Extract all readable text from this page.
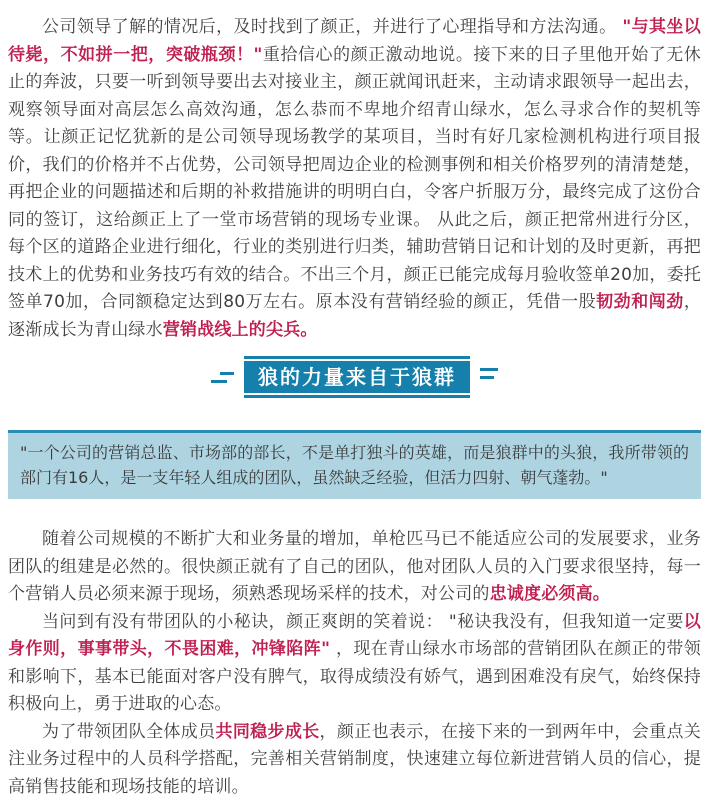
公司领导了解的情况后，及时找到了颜正，并进行了心理指导和方法沟通。 "与其坐以待毙，不如拼一把，突破瓶颈！"重拾信心的颜正激动地说。接下来的日子里他开始了无休止的奔波，只要一听到领导要出去对接业主，颜正就闻讯赶来，主动请求跟领导一起出去，观察领导面对高层怎么高效沟通，怎么恭而不卑地介绍青山绿水，怎么寻求合作的契机等等。让颜正记忆犹新的是公司领导现场教学的某项目，当时有好几家检测机构进行项目报价，我们的价格并不占优势，公司领导把周边企业的检测事例和相关价格罗列的清清楚楚，再把企业的问题描述和后期的补救措施讲的明明白白，令客户折服万分，最终完成了这份合同的签订，这给颜正上了一堂市场营销的现场专业课。 从此之后，颜正把常州进行分区，每个区的道路企业进行细化，行业的类别进行归类，辅助营销日记和计划的及时更新，再把技术上的优势和业务技巧有效的结合。不出三个月，颜正已能完成每月验收签单20加，委托签单70加，合同额稳定达到80万左右。原本没有营销经验的颜正，凭借一股韧劲和闯劲，逐渐成长为青山绿水营销战线上的尖兵。

狼的力量来自于狼群
"一个公司的营销总监、市场部的部长，不是单打独斗的英雄，而是狼群中的头狼，我所带领的部门有16人，是一支年轻人组成的团队，虽然缺乏经验，但活力四射、朝气蓬勃。"

随着公司规模的不断扩大和业务量的增加，单枪匹马已不能适应公司的发展要求，业务团队的组建是必然的。很快颜正就有了自己的团队，他对团队人员的入门要求很坚持，每一个营销人员必须来源于现场，须熟悉现场采样的技术，对公司的忠诚度必须高。

当问到有没有带团队的小秘诀，颜正爽朗的笑着说： "秘诀我没有，但我知道一定要以身作则，事事带头，不畏困难，冲锋陷阵" ，现在青山绿水市场部的营销团队在颜正的带领和影响下，基本已能面对客户没有脾气，取得成绩没有娇气，遇到困难没有戾气，始终保持积极向上，勇于进取的心态。

为了带领团队全体成员共同稳步成长，颜正也表示，在接下来的一到两年中，会重点关注业务过程中的人员科学搭配，完善相关营销制度，快速建立每位新进营销人员的信心，提高销售技能和现场技能的培训。
